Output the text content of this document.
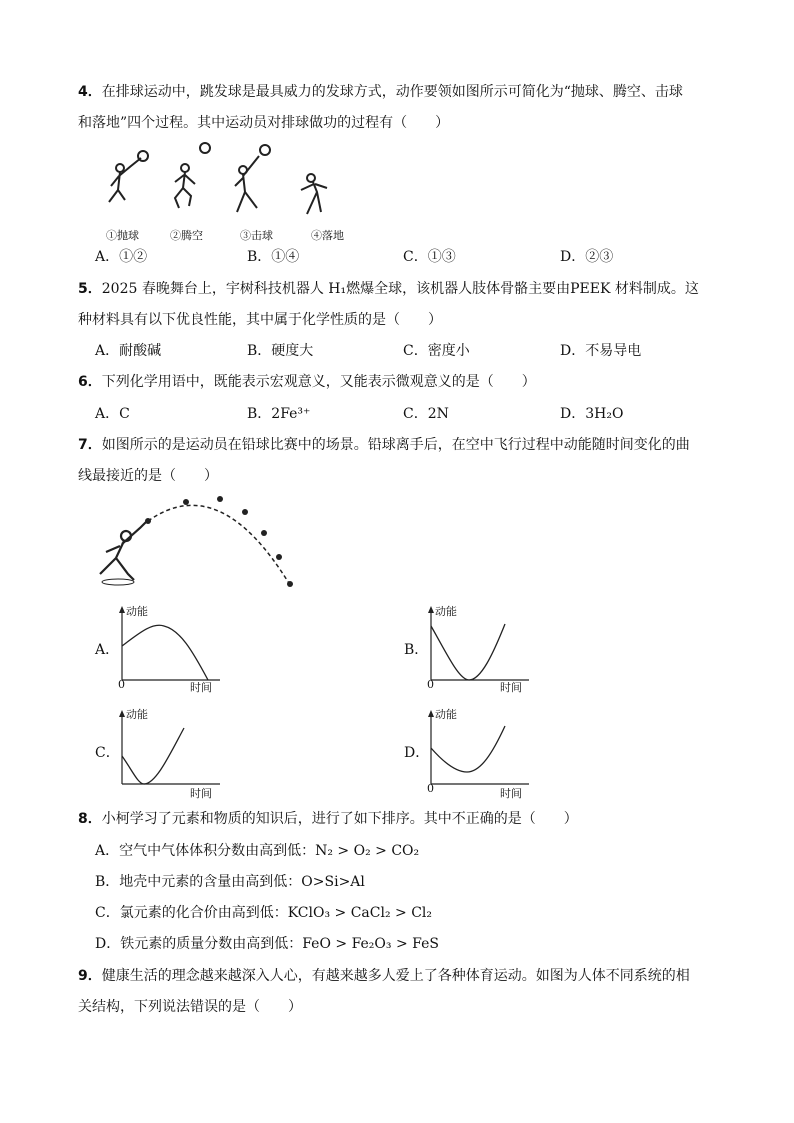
4．在排球运动中，跳发球是最具威力的发球方式，动作要领如图所示可简化为“抛球、腾空、击球
和落地”四个过程。其中运动员对排球做功的过程有（　　）
①抛球	②腾空	③击球	④落地
A．①②	B．①④	C．①③	D．②③
5．2025 春晚舞台上，宇树科技机器人 H₁燃爆全球，该机器人肢体骨骼主要由PEEK 材料制成。这
种材料具有以下优良性能，其中属于化学性质的是（　　）
A．耐酸碱	B．硬度大	C．密度小	D．不易导电
6．下列化学用语中，既能表示宏观意义，又能表示微观意义的是（　　）
A．C	B．2Fe³⁺	C．2N	D．3H₂O
7．如图所示的是运动员在铅球比赛中的场景。铅球离手后，在空中飞行过程中动能随时间变化的曲
线最接近的是（　　）
A．
动能
0	时间
B．
动能
0	时间
C．
动能
时间
D．
动能
0	时间
8．小柯学习了元素和物质的知识后，进行了如下排序。其中不正确的是（　　）
A．空气中气体体积分数由高到低：N₂ > O₂ > CO₂
B．地壳中元素的含量由高到低：O>Si>Al
C．氯元素的化合价由高到低：KClO₃ > CaCl₂ > Cl₂
D．铁元素的质量分数由高到低：FeO > Fe₂O₃ > FeS
9．健康生活的理念越来越深入人心，有越来越多人爱上了各种体育运动。如图为人体不同系统的相
关结构，下列说法错误的是（　　）
